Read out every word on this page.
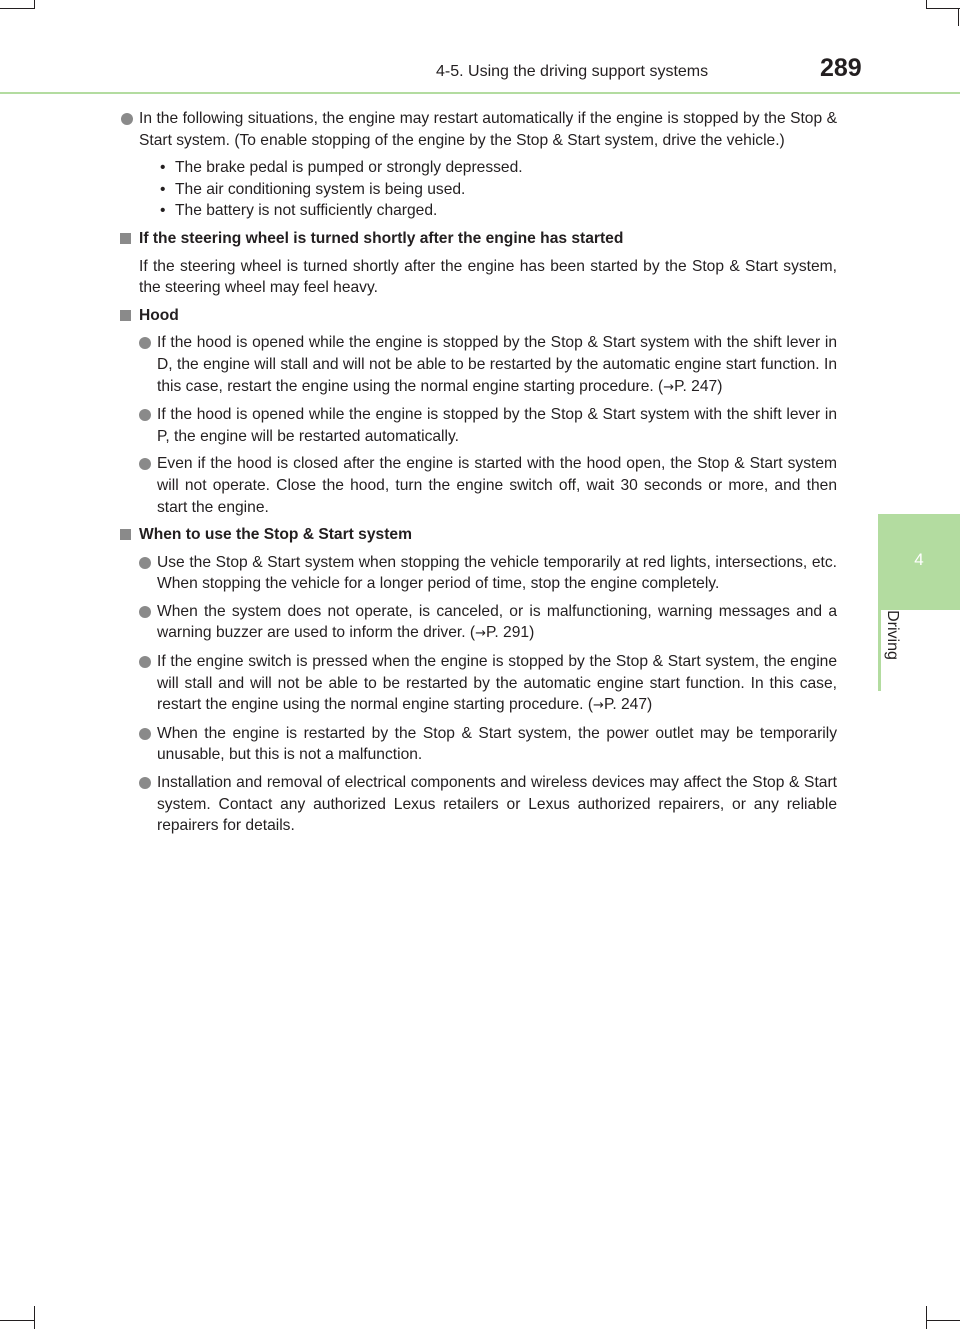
4-5. Using the driving support systems	289
4
Driving
In the following situations, the engine may restart automatically if the engine is stopped by the Stop & Start system. (To enable stopping of the engine by the Stop & Start system, drive the vehicle.)
• The brake pedal is pumped or strongly depressed.
• The air conditioning system is being used.
• The battery is not sufficiently charged.
If the steering wheel is turned shortly after the engine has started
If the steering wheel is turned shortly after the engine has been started by the Stop & Start system, the steering wheel may feel heavy.
Hood
If the hood is opened while the engine is stopped by the Stop & Start system with the shift lever in D, the engine will stall and will not be able to be restarted by the automatic engine start function. In this case, restart the engine using the normal engine starting procedure. (→P. 247)
If the hood is opened while the engine is stopped by the Stop & Start system with the shift lever in P, the engine will be restarted automatically.
Even if the hood is closed after the engine is started with the hood open, the Stop & Start system will not operate. Close the hood, turn the engine switch off, wait 30 seconds or more, and then start the engine.
When to use the Stop & Start system
Use the Stop & Start system when stopping the vehicle temporarily at red lights, intersections, etc. When stopping the vehicle for a longer period of time, stop the engine completely.
When the system does not operate, is canceled, or is malfunctioning, warning messages and a warning buzzer are used to inform the driver. (→P. 291)
If the engine switch is pressed when the engine is stopped by the Stop & Start system, the engine will stall and will not be able to be restarted by the automatic engine start function. In this case, restart the engine using the normal engine starting procedure. (→P. 247)
When the engine is restarted by the Stop & Start system, the power outlet may be temporarily unusable, but this is not a malfunction.
Installation and removal of electrical components and wireless devices may affect the Stop & Start system. Contact any authorized Lexus retailers or Lexus authorized repairers, or any reliable repairers for details.
